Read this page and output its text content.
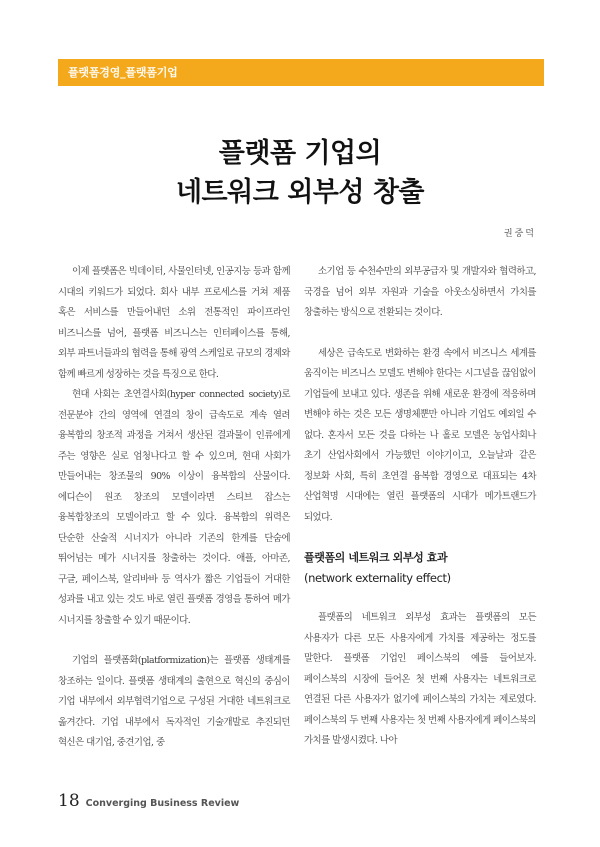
플랫폼경영_플랫폼기업
플랫폼 기업의
네트워크 외부성 창출
권중덕

이제 플랫폼은 빅데이터, 사물인터넷, 인공지능 등과 함께 시대의 키워드가 되었다. 회사 내부 프로세스를 거쳐 제품 혹은 서비스를 만들어내던 소위 전통적인 파이프라인 비즈니스를 넘어, 플랫폼 비즈니스는 인터페이스를 통해, 외부 파트너들과의 협력을 통해 광역 스케일로 규모의 경제와 함께 빠르게 성장하는 것을 특징으로 한다.

현대 사회는 초연결사회(hyper connected society)로 전문분야 간의 영역에 연결의 창이 급속도로 계속 열려 융복합의 창조적 과정을 거쳐서 생산된 결과물이 인류에게 주는 영향은 실로 엄청나다고 할 수 있으며, 현대 사회가 만들어내는 창조물의 90% 이상이 융복합의 산물이다. 에디슨이 원조 창조의 모델이라면 스티브 잡스는 융복합창조의 모델이라고 할 수 있다. 융복합의 위력은 단순한 산술적 시너지가 아니라 기존의 한계를 단숨에 뛰어넘는 메가 시너지를 창출하는 것이다. 애플, 아마존, 구글, 페이스북, 알리바바 등 역사가 짧은 기업들이 거대한 성과를 내고 있는 것도 바로 열린 플랫폼 경영을 통하여 메가 시너지를 창출할 수 있기 때문이다.

기업의 플랫폼화(platformization)는 플랫폼 생태계를 창조하는 일이다. 플랫폼 생태계의 출현으로 혁신의 중심이 기업 내부에서 외부협력기업으로 구성된 거대한 네트워크로 옮겨간다. 기업 내부에서 독자적인 기술개발로 추진되던 혁신은 대기업, 중견기업, 중

소기업 등 수천수만의 외부공급자 및 개발자와 협력하고, 국경을 넘어 외부 자원과 기술을 아웃소싱하면서 가치를 창출하는 방식으로 전환되는 것이다.

세상은 급속도로 변화하는 환경 속에서 비즈니스 세계를 움직이는 비즈니스 모델도 변해야 한다는 시그널을 끊임없이 기업들에 보내고 있다. 생존을 위해 새로운 환경에 적응하며 변해야 하는 것은 모든 생명체뿐만 아니라 기업도 예외일 수 없다. 혼자서 모든 것을 다하는 나 홀로 모델은 농업사회나 초기 산업사회에서 가능했던 이야기이고, 오늘날과 같은 정보화 사회, 특히 초연결 융복합 경영으로 대표되는 4차 산업혁명 시대에는 열린 플랫폼의 시대가 메가트랜드가 되었다.

플랫폼의 네트워크 외부성 효과
(network externality effect)

플랫폼의 네트워크 외부성 효과는 플랫폼의 모든 사용자가 다른 모든 사용자에게 가치를 제공하는 정도를 말한다. 플랫폼 기업인 페이스북의 예를 들어보자. 페이스북의 시장에 들어온 첫 번째 사용자는 네트워크로 연결된 다른 사용자가 없기에 페이스북의 가치는 제로였다. 페이스북의 두 번째 사용자는 첫 번째 사용자에게 페이스북의 가치를 발생시켰다. 나아

18 Converging Business Review
